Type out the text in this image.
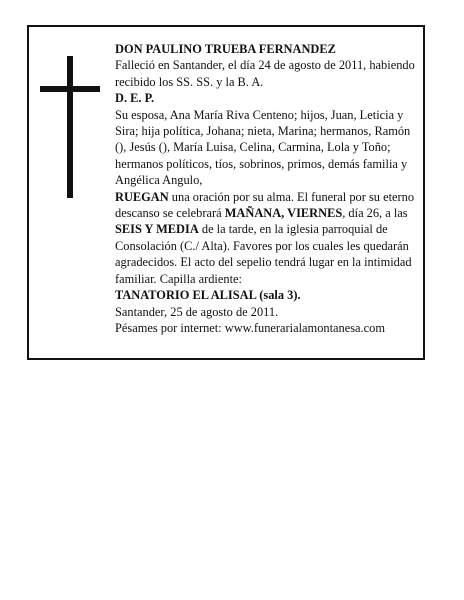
DON PAULINO TRUEBA FERNANDEZ

Falleció en Santander, el día 24 de agosto de 2011, habiendo recibido los SS. SS. y la B. A.

D. E. P.

Su esposa, Ana María Riva Centeno; hijos, Juan, Leticia y Sira; hija política, Johana; nieta, Marina; hermanos, Ramón (), Jesús (), María Luisa, Celina, Carmina, Lola y Toño; hermanos políticos, tíos, sobrinos, primos, demás familia y Angélica Angulo,

RUEGAN una oración por su alma. El funeral por su eterno descanso se celebrará MAÑANA, VIERNES, día 26, a las SEIS Y MEDIA de la tarde, en la iglesia parroquial de Consolación (C./ Alta). Favores por los cuales les quedarán agradecidos. El acto del sepelio tendrá lugar en la intimidad familiar. Capilla ardiente:

TANATORIO EL ALISAL (sala 3).

Santander, 25 de agosto de 2011.

Pésames por internet: www.funerarialamontanesa.com
